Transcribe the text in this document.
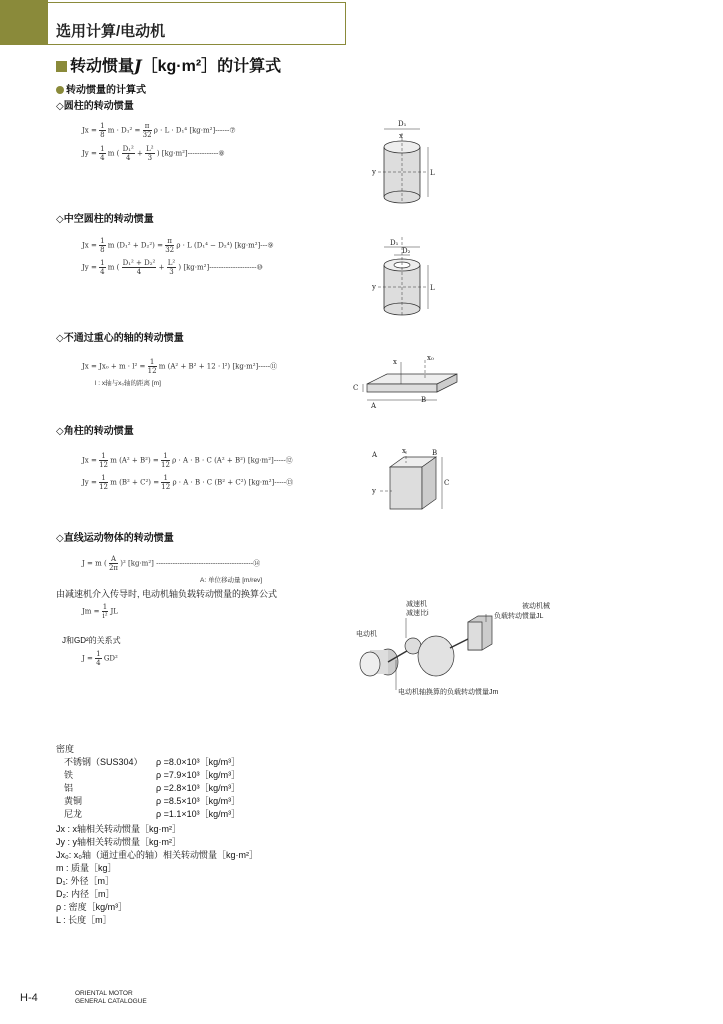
选用计算/电动机
转动惯量J［kg·m²］的计算式
转动惯量的计算式
◇圆柱的转动惯量
$Jx = \frac{1}{8}$ $m \cdot D_1^2 = \frac{\pi}{32}$ ρ · L · D₁⁴ [kg·m²]------⑦
$Jy = \frac{1}{4}$ m ( $\frac{\text{D₁²}}{4} + \frac{\text{L²}}{3}$ ) [kg·m²]-------------⑧
D₁
x
y	L
◇中空圆柱的转动惯量
$Jx = \frac{1}{8}$ m $(D_1^2 + D_2^2) = \frac{\pi}{32}$ ρ · L (D₁⁴ − D₂⁴) [kg·m²]---⑨
$Jy = \frac{1}{4}$ m ( $\frac{\text{D₁² + D₂²}}{4} + \frac{\text{L²}}{3}$ ) [kg·m²]--------------------⑩
D₁
D₂
y	L
◇不通过重心的轴的转动惯量
$Jx = Jx_0 + m \cdot l^2 = \frac{1}{12}$ m (A² + B² + 12 · l²) [kg·m²]-----⑪
l : x轴与x₀轴的距离 [m]
x	x₀
C
A
B
◇角柱的转动惯量
$Jx = \frac{1}{12}$ m $(A^2 + B^2) = \frac{1}{12}$ ρ · A · B · C (A² + B²) [kg·m²]-----⑫
$Jy = \frac{1}{12}$ m $(B^2 + C^2) = \frac{1}{12}$ ρ · A · B · C (B² + C²) [kg·m²]-----⑬
A	x	B
y
C
◇直线运动物体的转动惯量
J = m ( $\frac{A}{2\pi} )^2$ [kg·m²] -----------------------------------------⑭
A: 单位移动量 [m/rev]
由减速机介入传导时, 电动机轴负载转动惯量的换算公式
$Jm = \frac{1}{\text{i²}}$ JL
J和GD²的关系式
$J = \frac{1}{4} GD^2$
减速机
减速比i
被动机械
负载转动惯量JL
电动机
电动机轴换算的负载转动惯量Jm
密度
不锈钢（SUS304） ρ =8.0×10³［kg/m³］
铁	ρ =7.9×10³［kg/m³］
铝	ρ =2.8×10³［kg/m³］
黄铜	ρ =8.5×10³［kg/m³］
尼龙	ρ =1.1×10³［kg/m³］
Jx : x轴相关转动惯量［kg·m²］
Jy : y轴相关转动惯量［kg·m²］
Jx₀: x₀轴（通过重心的轴）相关转动惯量［kg·m²］
m : 质量［kg］
D₁: 外径［m］
D₂: 内径［m］
ρ : 密度［kg/m³］
L : 长度［m］
H-4	ORIENTAL MOTOR
GENERAL CATALOGUE
